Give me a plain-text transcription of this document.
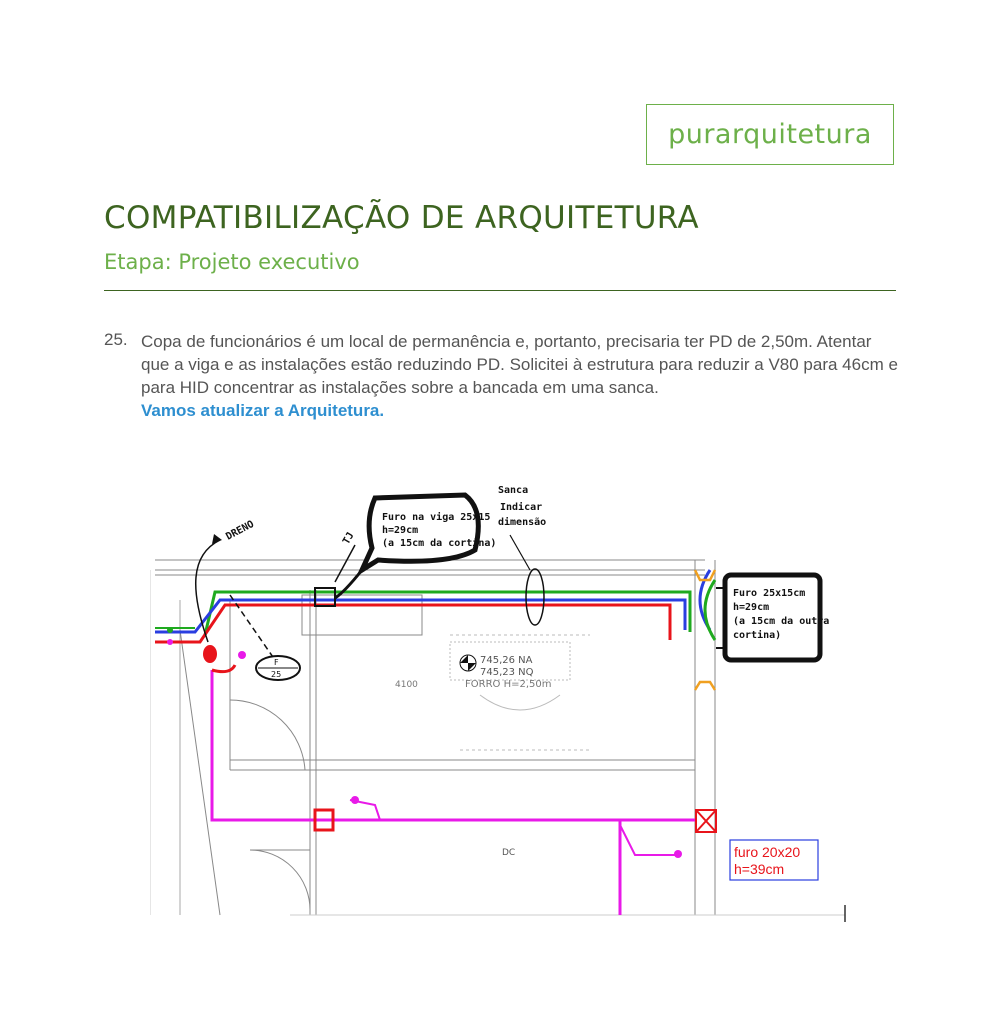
purarquitetura
COMPATIBILIZAÇÃO DE ARQUITETURA
Etapa: Projeto executivo
25. Copa de funcionários é um local de permanência e, portanto, precisaria ter PD de 2,50m. Atentar que a viga e as instalações estão reduzindo PD. Solicitei à estrutura para reduzir a V80 para 46cm e para HID concentrar as instalações sobre a bancada em uma sanca.

Vamos atualizar a Arquitetura.

745,26 NA
745,23 NQ
FORRO H=2,50m
4100
DC
DRENO	TJ
Furo na viga 25x15
h=29cm
(a 15cm da cortina)
Sanca
Indicar
dimensão
Furo 25x15cm
h=29cm
(a 15cm da outra
cortina)
F
25
furo 20x20
h=39cm
